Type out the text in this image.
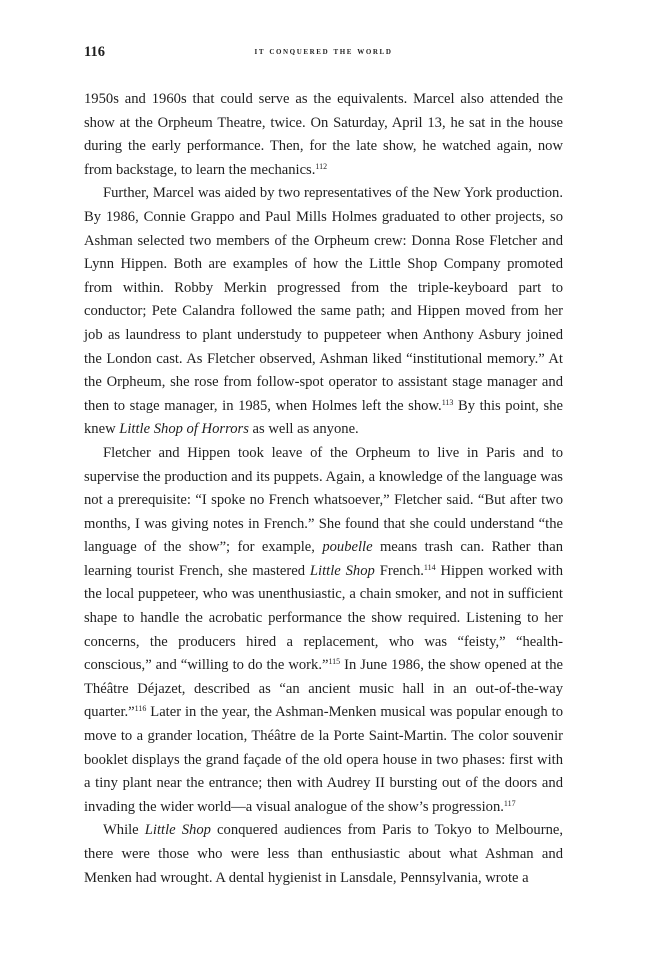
116	it conquered the world

1950s and 1960s that could serve as the equivalents. Marcel also attended the show at the Orpheum Theatre, twice. On Saturday, April 13, he sat in the house during the early performance. Then, for the late show, he watched again, now from backstage, to learn the mechanics.$^{112}$

Further, Marcel was aided by two representatives of the New York production. By 1986, Connie Grappo and Paul Mills Holmes graduated to other projects, so Ashman selected two members of the Orpheum crew: Donna Rose Fletcher and Lynn Hippen. Both are examples of how the Little Shop Company promoted from within. Robby Merkin progressed from the triple-keyboard part to conductor; Pete Calandra followed the same path; and Hippen moved from her job as laundress to plant understudy to puppeteer when Anthony Asbury joined the London cast. As Fletcher observed, Ashman liked “institutional memory.” At the Orpheum, she rose from follow-spot operator to assistant stage manager and then to stage manager, in 1985, when Holmes left the show.$^{113}$ By this point, she knew Little Shop of Horrors as well as anyone.

Fletcher and Hippen took leave of the Orpheum to live in Paris and to supervise the production and its puppets. Again, a knowledge of the language was not a prerequisite: “I spoke no French whatsoever,” Fletcher said. “But after two months, I was giving notes in French.” She found that she could understand “the language of the show”; for example, poubelle means trash can. Rather than learning tourist French, she mastered Little Shop French.$^{114}$ Hippen worked with the local puppeteer, who was unenthusiastic, a chain smoker, and not in sufficient shape to handle the acrobatic performance the show required. Listening to her concerns, the producers hired a replacement, who was “feisty,” “health-conscious,” and “willing to do the work.”$^{115}$ In June 1986, the show opened at the Théâtre Déjazet, described as “an ancient music hall in an out-of-the-way quarter.”$^{116}$ Later in the year, the Ashman-Menken musical was popular enough to move to a grander location, Théâtre de la Porte Saint-Martin. The color souvenir booklet displays the grand façade of the old opera house in two phases: first with a tiny plant near the entrance; then with Audrey II bursting out of the doors and invading the wider world—a visual analogue of the show’s progression.$^{117}$

While Little Shop conquered audiences from Paris to Tokyo to Melbourne, there were those who were less than enthusiastic about what Ashman and Menken had wrought. A dental hygienist in Lansdale, Pennsylvania, wrote a
